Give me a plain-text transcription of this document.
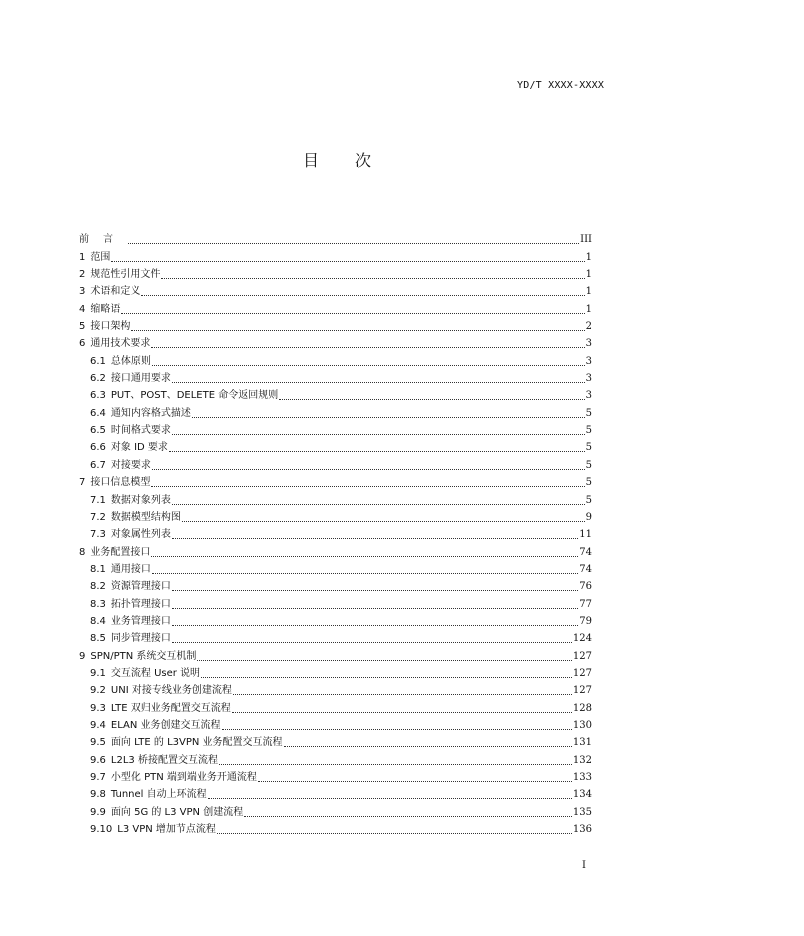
YD/T XXXX-XXXX
目次
前言	III
1 范围	1
2 规范性引用文件	1
3 术语和定义	1
4 缩略语	1
5 接口架构	2
6 通用技术要求	3
6.1 总体原则	3
6.2 接口通用要求	3
6.3 PUT、POST、DELETE 命令返回规则	3
6.4 通知内容格式描述	5
6.5 时间格式要求	5
6.6 对象 ID 要求	5
6.7 对接要求	5
7 接口信息模型	5
7.1 数据对象列表	5
7.2 数据模型结构图	9
7.3 对象属性列表	11
8 业务配置接口	74
8.1 通用接口	74
8.2 资源管理接口	76
8.3 拓扑管理接口	77
8.4 业务管理接口	79
8.5 同步管理接口	124
9 SPN/PTN 系统交互机制	127
9.1 交互流程 User 说明	127
9.2 UNI 对接专线业务创建流程	127
9.3 LTE 双归业务配置交互流程	128
9.4 ELAN 业务创建交互流程	130
9.5 面向 LTE 的 L3VPN 业务配置交互流程	131
9.6 L2L3 桥接配置交互流程	132
9.7 小型化 PTN 端到端业务开通流程	133
9.8 Tunnel 自动上环流程	134
9.9 面向 5G 的 L3 VPN 创建流程	135
9.10 L3 VPN 增加节点流程	136
I
